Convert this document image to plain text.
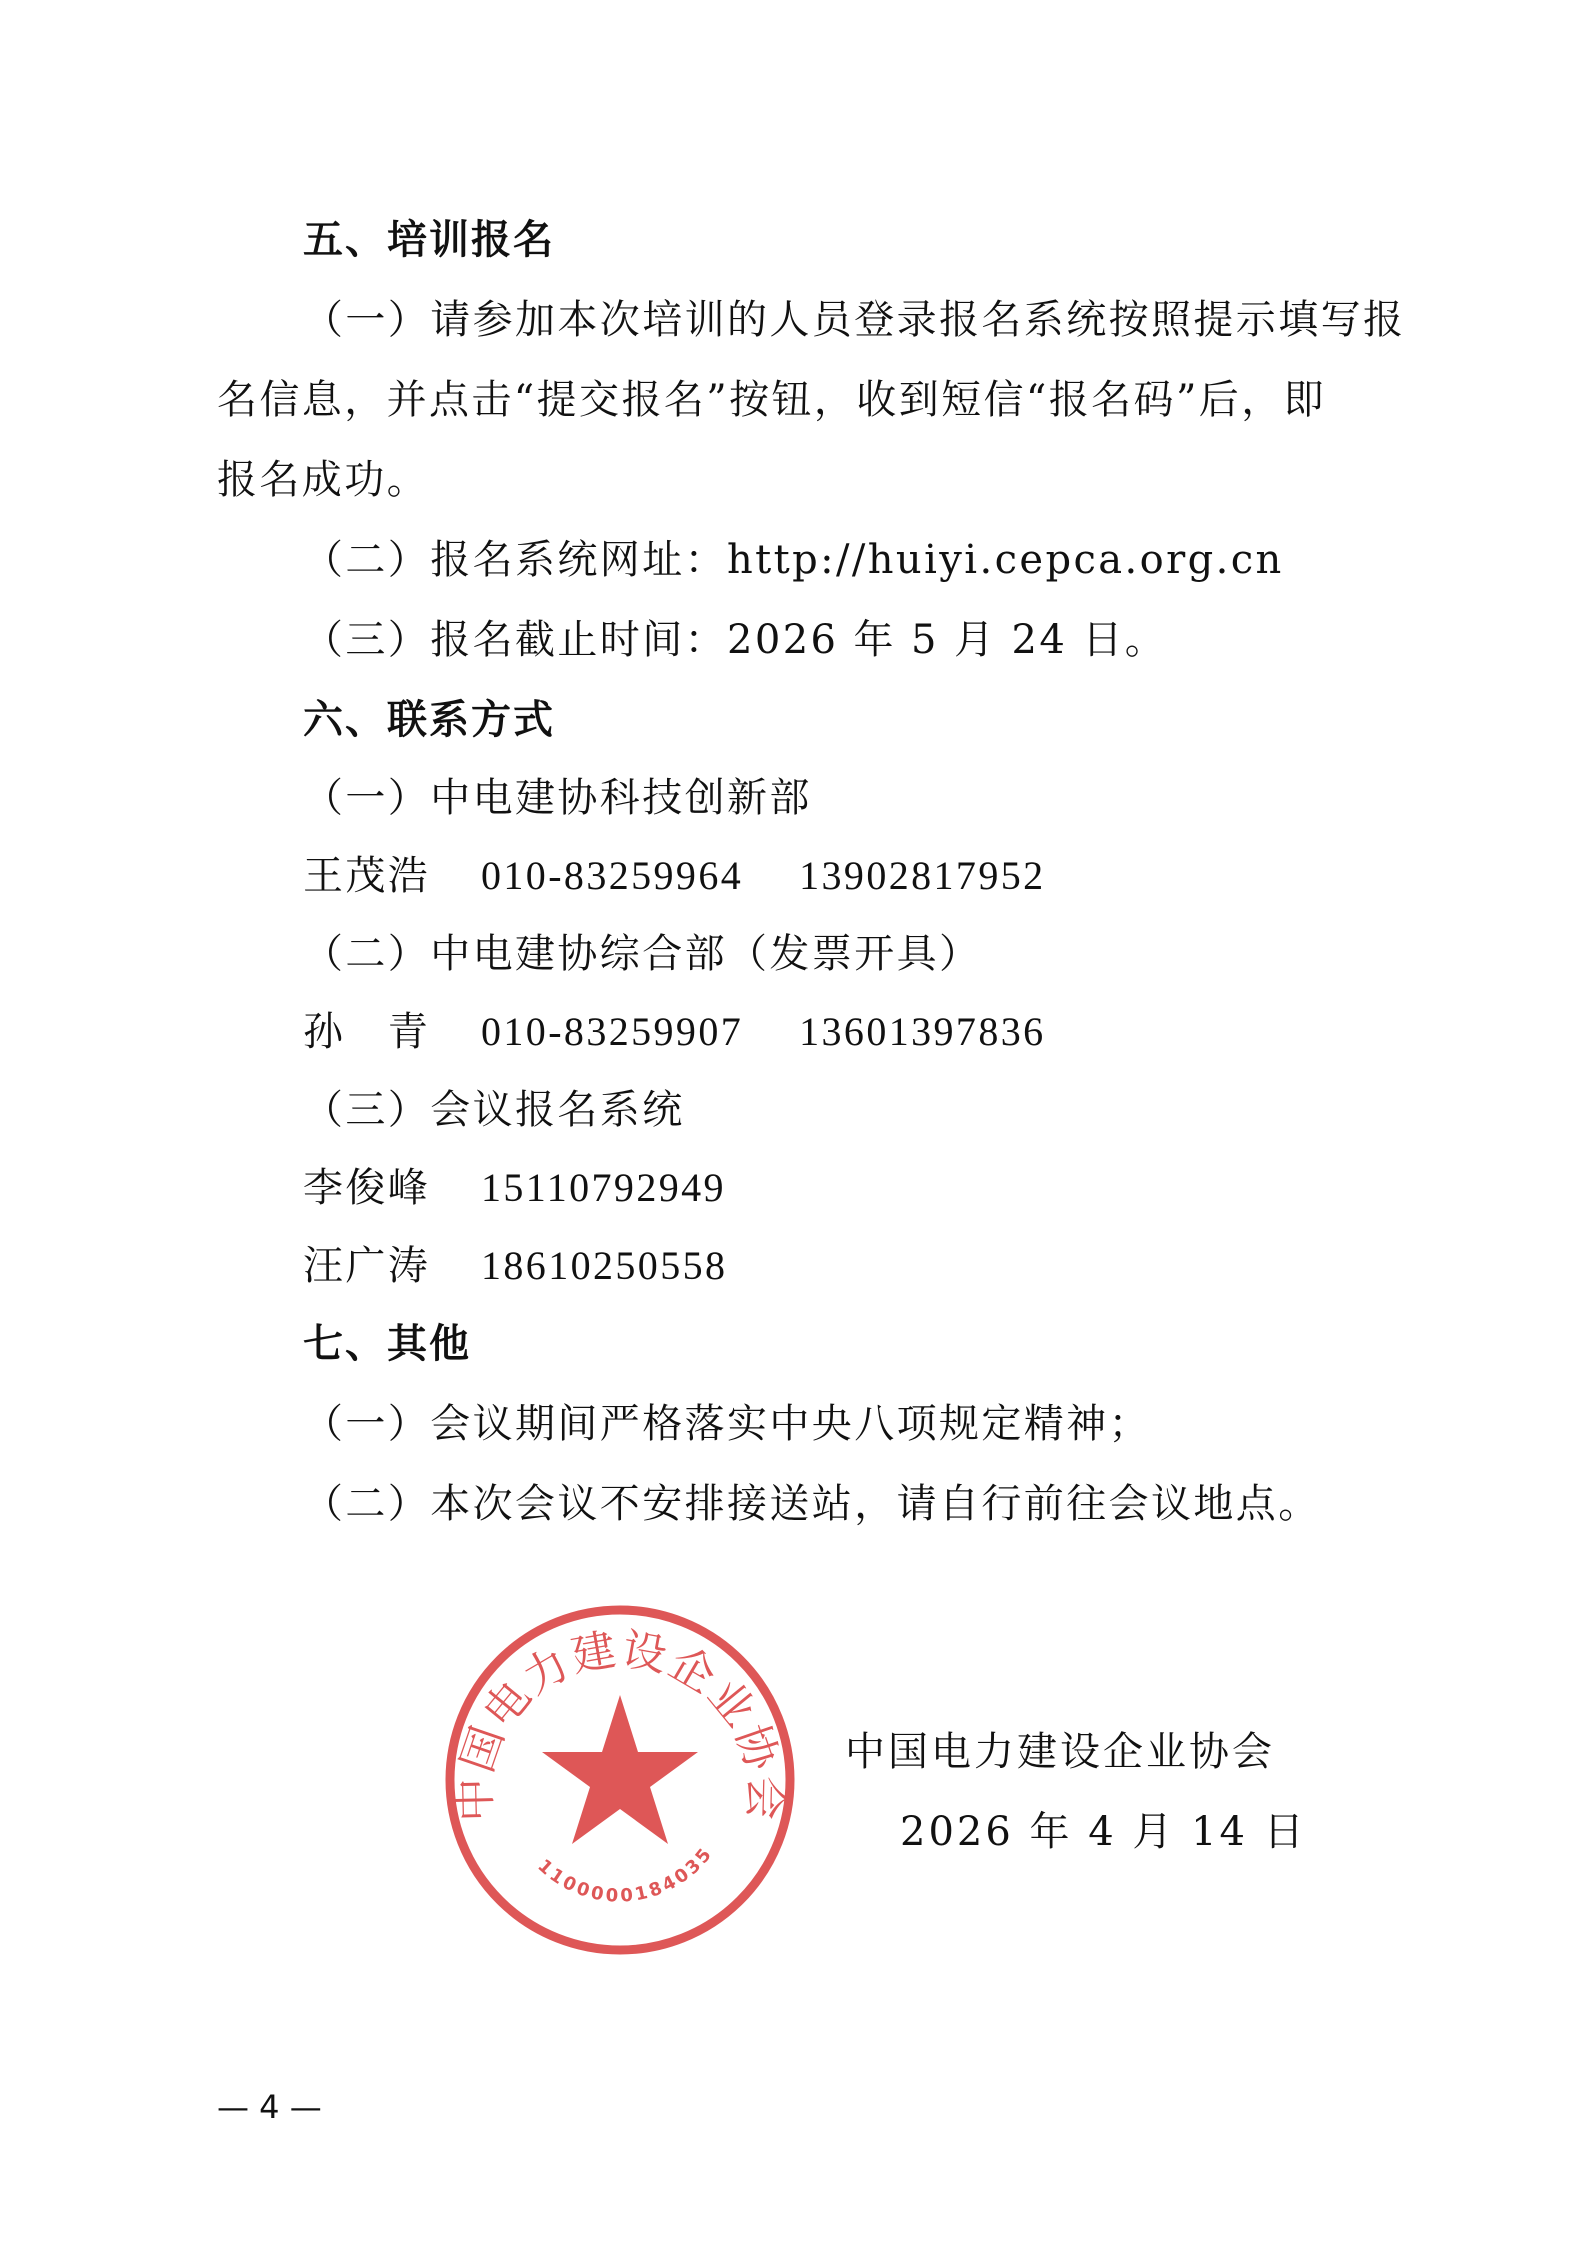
五、培训报名
（一）请参加本次培训的人员登录报名系统按照提示填写报
名信息，并点击“提交报名”按钮，收到短信“报名码”后，即
报名成功。
（二）报名系统网址：http://huiyi.cepca.org.cn
（三）报名截止时间：2026 年 5 月 24 日。
六、联系方式
（一）中电建协科技创新部
王茂浩 010-83259964 13902817952
（二）中电建协综合部（发票开具）
孙　青 010-83259907 13601397836
（三）会议报名系统
李俊峰 15110792949
汪广涛 18610250558
七、其他
（一）会议期间严格落实中央八项规定精神；
（二）本次会议不安排接送站，请自行前往会议地点。
中国电力建设企业协会
1100000184035
中国电力建设企业协会
2026 年 4 月 14 日
— 4 —
